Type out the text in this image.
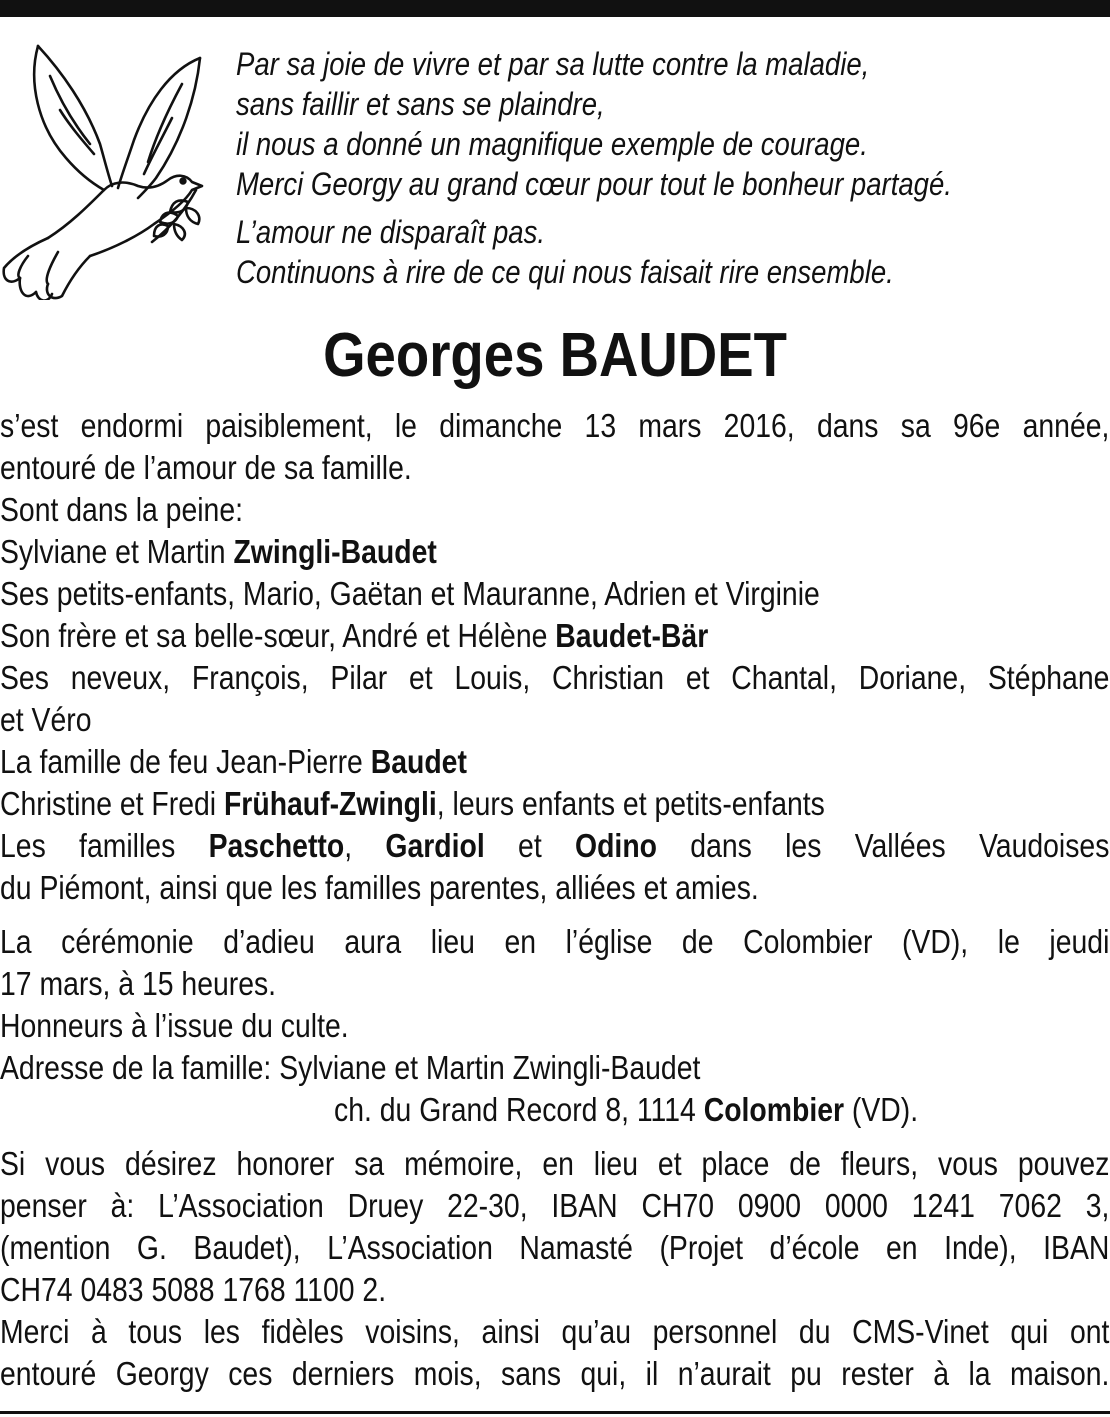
Par sa joie de vivre et par sa lutte contre la maladie,
sans faillir et sans se plaindre,
il nous a donné un magnifique exemple de courage.
Merci Georgy au grand cœur pour tout le bonheur partagé.
L’amour ne disparaît pas.
Continuons à rire de ce qui nous faisait rire ensemble.
Georges BAUDET
s’est endormi paisiblement, le dimanche 13 mars 2016, dans sa 96e année,
entouré de l’amour de sa famille.
Sont dans la peine:
Sylviane et Martin Zwingli-Baudet
Ses petits-enfants, Mario, Gaëtan et Mauranne, Adrien et Virginie
Son frère et sa belle-sœur, André et Hélène Baudet-Bär
Ses neveux, François, Pilar et Louis, Christian et Chantal, Doriane, Stéphane
et Véro
La famille de feu Jean-Pierre Baudet
Christine et Fredi Frühauf-Zwingli, leurs enfants et petits-enfants
Les familles Paschetto, Gardiol et Odino dans les Vallées Vaudoises
du Piémont, ainsi que les familles parentes, alliées et amies.
La cérémonie d’adieu aura lieu en l’église de Colombier (VD), le jeudi
17 mars, à 15 heures.
Honneurs à l’issue du culte.
Adresse de la famille: Sylviane et Martin Zwingli-Baudet
ch. du Grand Record 8, 1114 Colombier (VD).
Si vous désirez honorer sa mémoire, en lieu et place de fleurs, vous pouvez
penser à: L’Association Druey 22-30, IBAN CH70 0900 0000 1241 7062 3,
(mention G. Baudet), L’Association Namasté (Projet d’école en Inde), IBAN
CH74 0483 5088 1768 1100 2.
Merci à tous les fidèles voisins, ainsi qu’au personnel du CMS-Vinet qui ont
entouré Georgy ces derniers mois, sans qui, il n’aurait pu rester à la maison.
